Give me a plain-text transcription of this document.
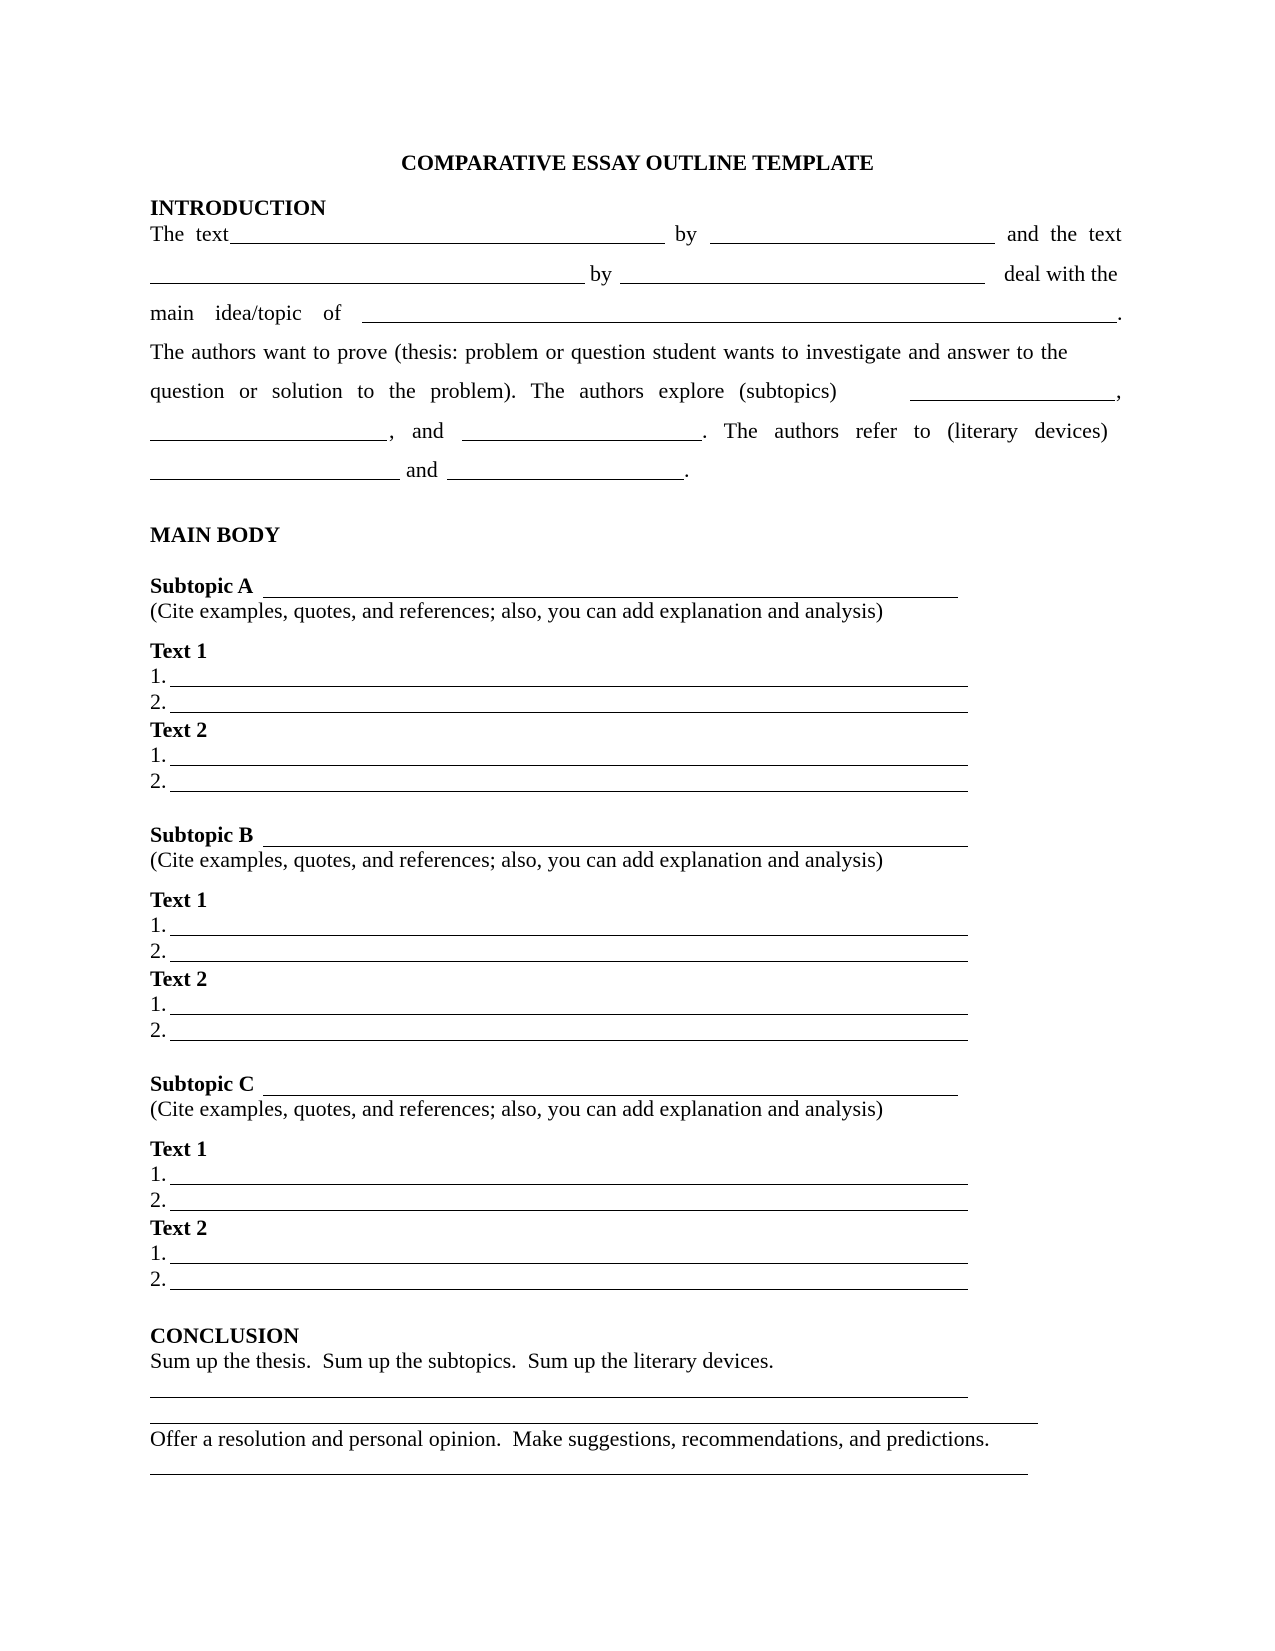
COMPARATIVE ESSAY OUTLINE TEMPLATE
INTRODUCTION
The text	by	and the text
by	deal with the
main idea/topic of	.
The authors want to prove (thesis: problem or question student wants to investigate and answer to the
question or solution to the problem). The authors explore (subtopics)	,
, and	. The authors refer to (literary devices)
and	.
MAIN BODY
Subtopic A
(Cite examples, quotes, and references; also, you can add explanation and analysis)
Text 1
1.
2.
Text 2
1.
2.
Subtopic B
(Cite examples, quotes, and references; also, you can add explanation and analysis)
Text 1
1.
2.
Text 2
1.
2.
Subtopic C
(Cite examples, quotes, and references; also, you can add explanation and analysis)
Text 1
1.
2.
Text 2
1.
2.
CONCLUSION
Sum up the thesis.  Sum up the subtopics.  Sum up the literary devices.
Offer a resolution and personal opinion.  Make suggestions, recommendations, and predictions.
